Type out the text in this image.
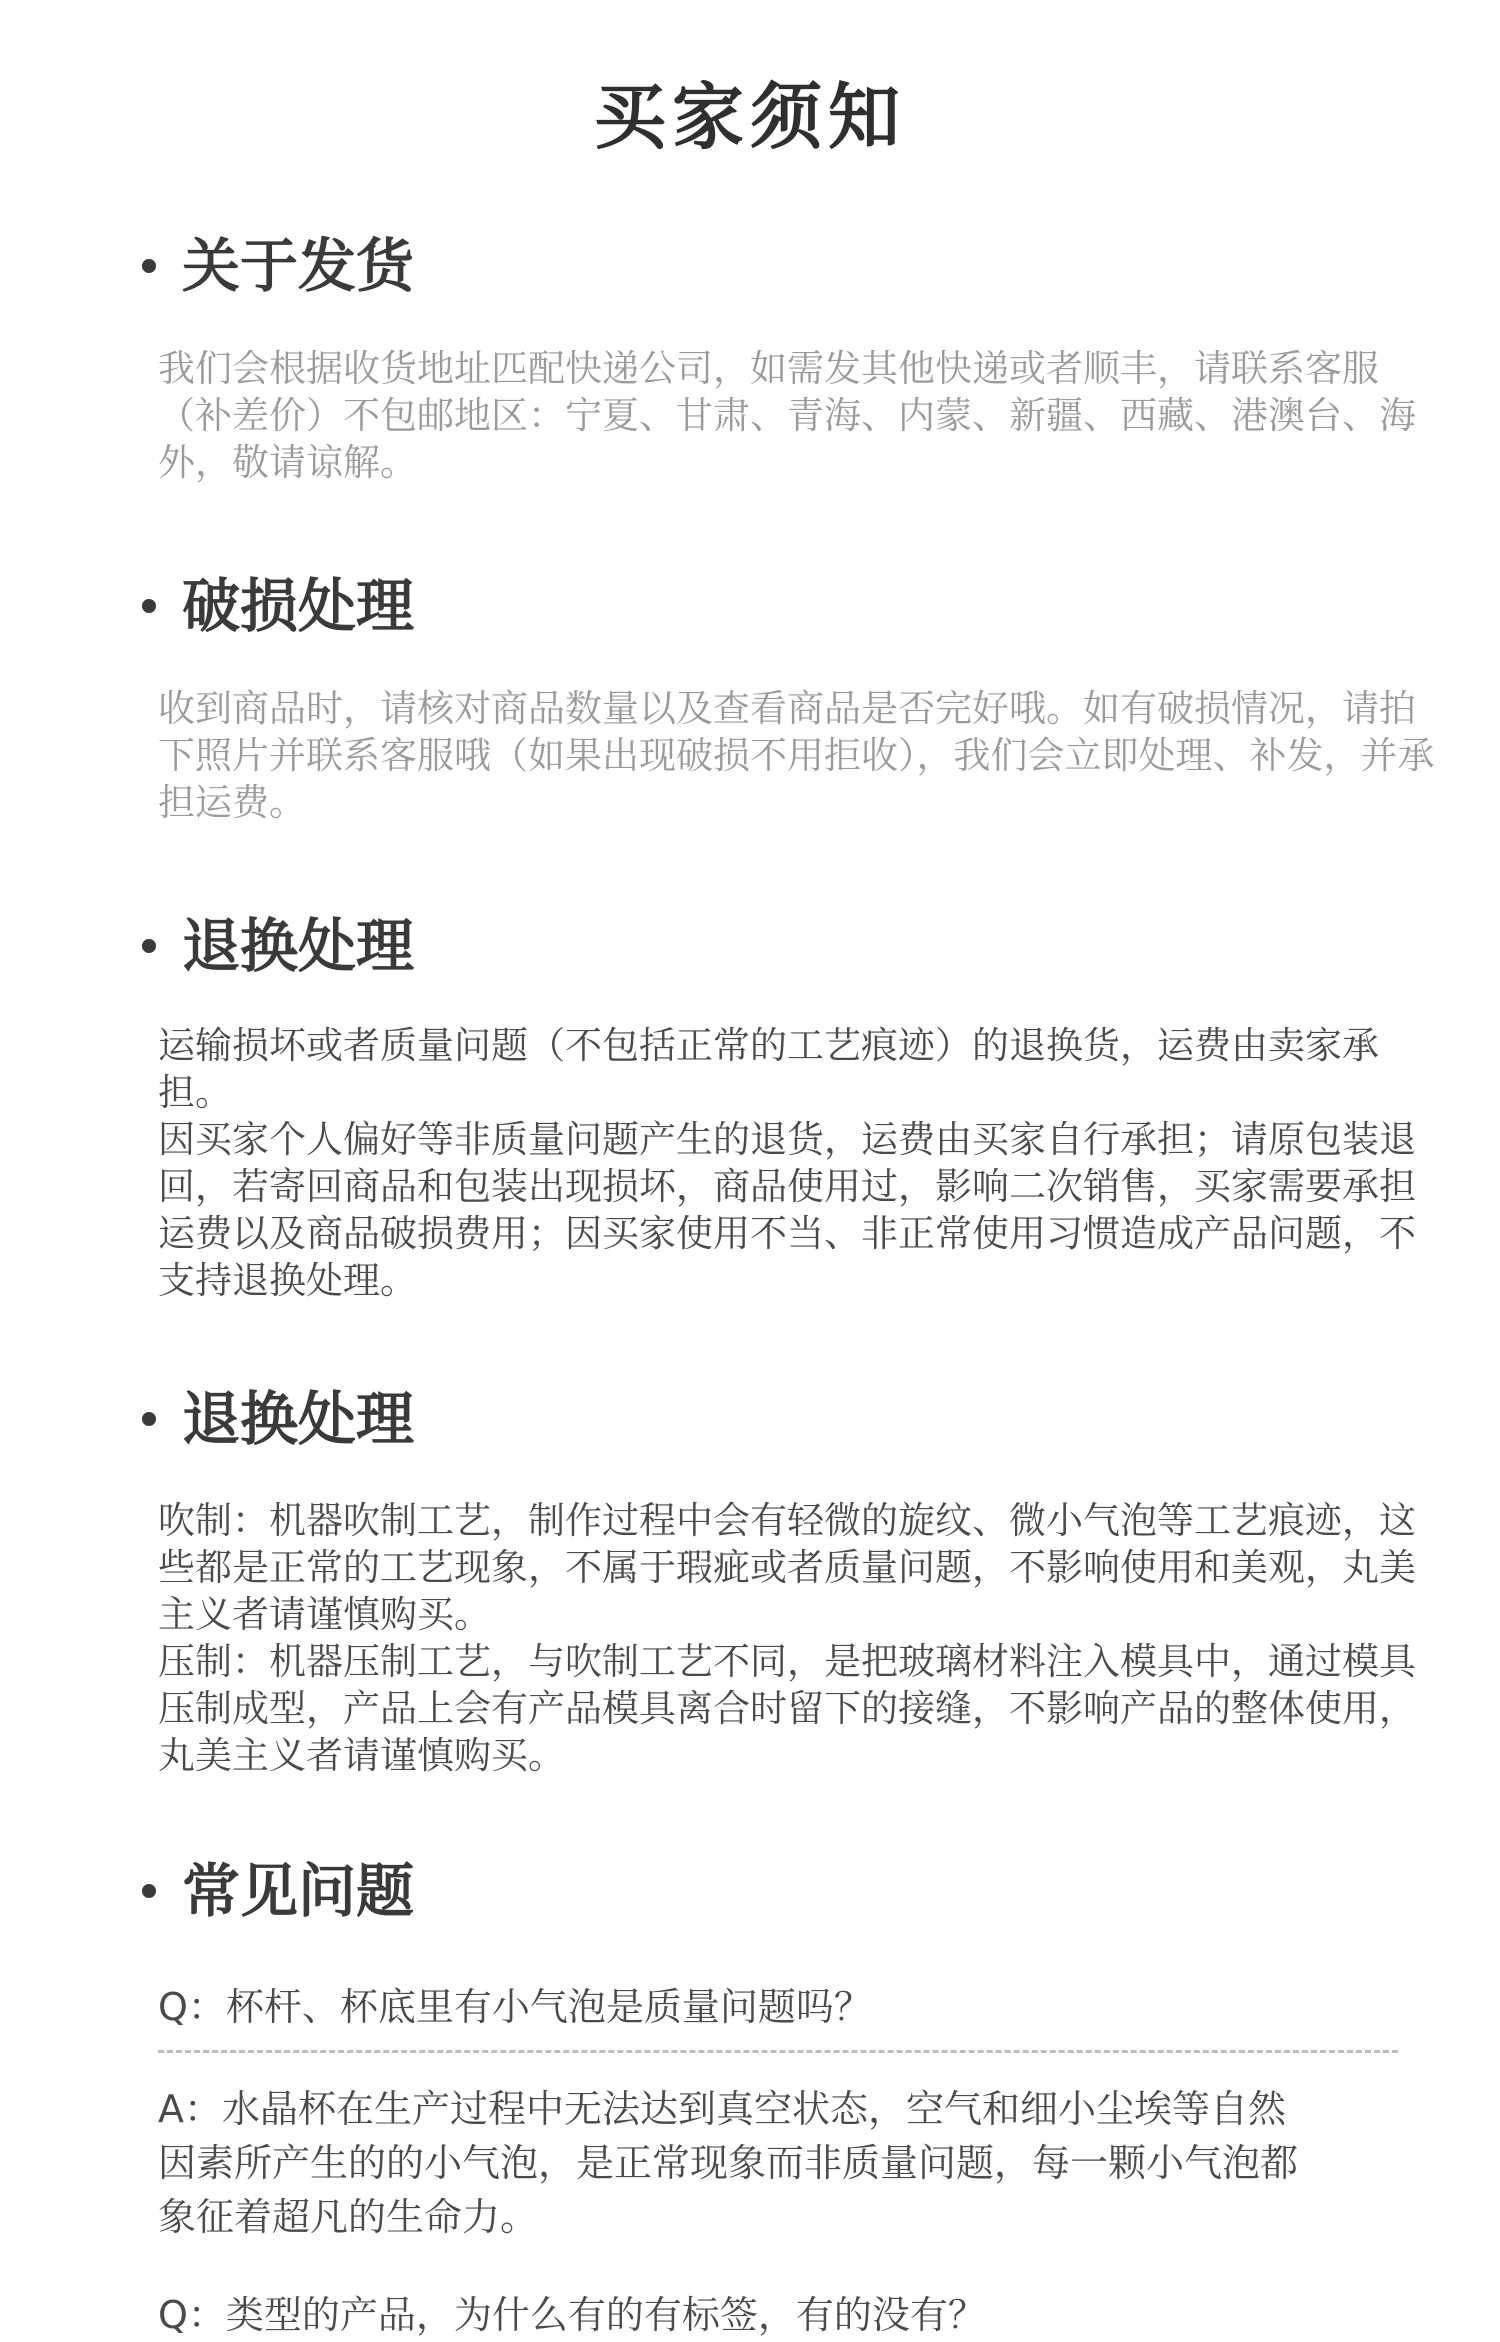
买家须知
关于发货

我们会根据收货地址匹配快递公司，如需发其他快递或者顺丰，请联系客服（补差价）不包邮地区：宁夏、甘肃、青海、内蒙、新疆、西藏、港澳台、海外，敬请谅解。

破损处理

收到商品时，请核对商品数量以及查看商品是否完好哦。如有破损情况，请拍下照片并联系客服哦（如果出现破损不用拒收），我们会立即处理、补发，并承担运费。

退换处理

运输损坏或者质量问题（不包括正常的工艺痕迹）的退换货，运费由卖家承担。

因买家个人偏好等非质量问题产生的退货，运费由买家自行承担；请原包装退回，若寄回商品和包装出现损坏，商品使用过，影响二次销售，买家需要承担运费以及商品破损费用；因买家使用不当、非正常使用习惯造成产品问题，不支持退换处理。

退换处理

吹制：机器吹制工艺，制作过程中会有轻微的旋纹、微小气泡等工艺痕迹，这些都是正常的工艺现象，不属于瑕疵或者质量问题，不影响使用和美观，丸美主义者请谨慎购买。

压制：机器压制工艺，与吹制工艺不同，是把玻璃材料注入模具中，通过模具压制成型，产品上会有产品模具离合时留下的接缝，不影响产品的整体使用，丸美主义者请谨慎购买。

常见问题

Q：杯杆、杯底里有小气泡是质量问题吗？

A：水晶杯在生产过程中无法达到真空状态，空气和细小尘埃等自然因素所产生的的小气泡，是正常现象而非质量问题，每一颗小气泡都象征着超凡的生命力。

Q：类型的产品，为什么有的有标签，有的没有？
